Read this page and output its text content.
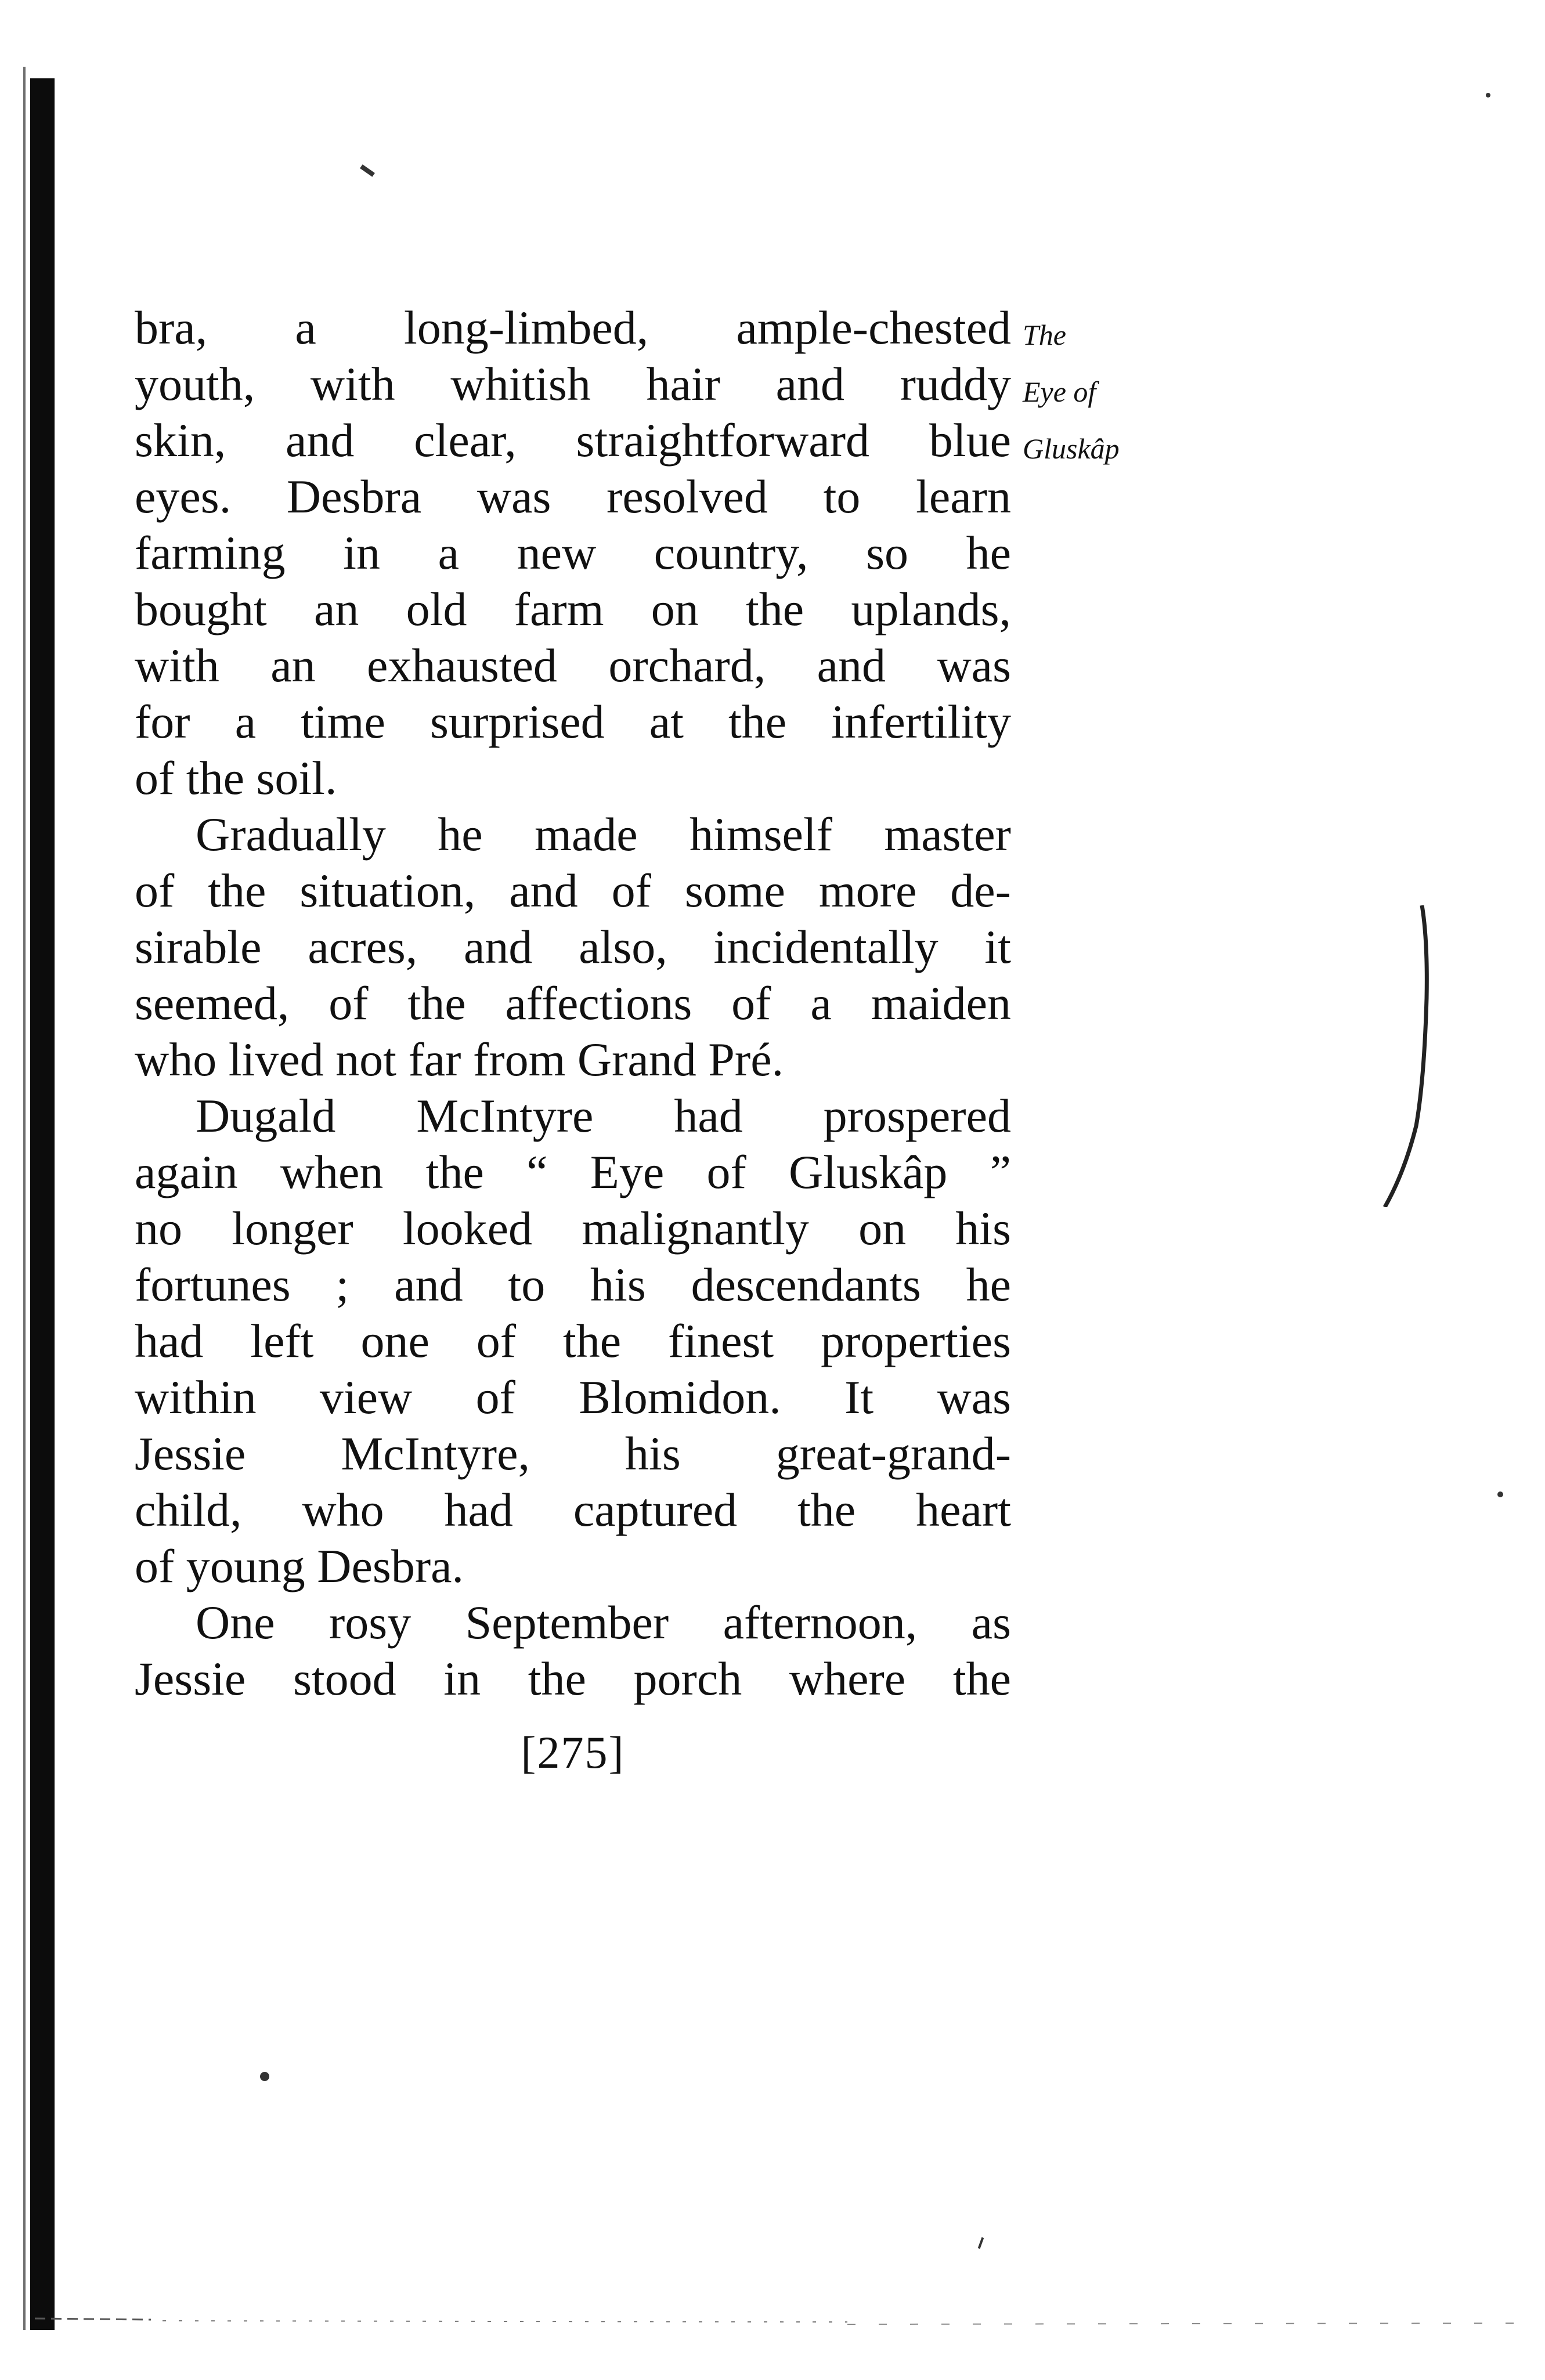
bra, a long-limbed, ample-chested
youth, with whitish hair and ruddy
skin, and clear, straightforward blue
eyes. Desbra was resolved to learn
farming in a new country, so he
bought an old farm on the uplands,
with an exhausted orchard, and was
for a time surprised at the infertility
of the soil.
Gradually he made himself master
of the situation, and of some more de-
sirable acres, and also, incidentally it
seemed, of the affections of a maiden
who lived not far from Grand Pré.
Dugald McIntyre had prospered
again when the “ Eye of Gluskâp ”
no longer looked malignantly on his
fortunes ; and to his descendants he
had left one of the finest properties
within view of Blomidon. It was
Jessie McIntyre, his great-grand-
child, who had captured the heart
of young Desbra.
One rosy September afternoon, as
Jessie stood in the porch where the
[275]
The
Eye of
Gluskâp
